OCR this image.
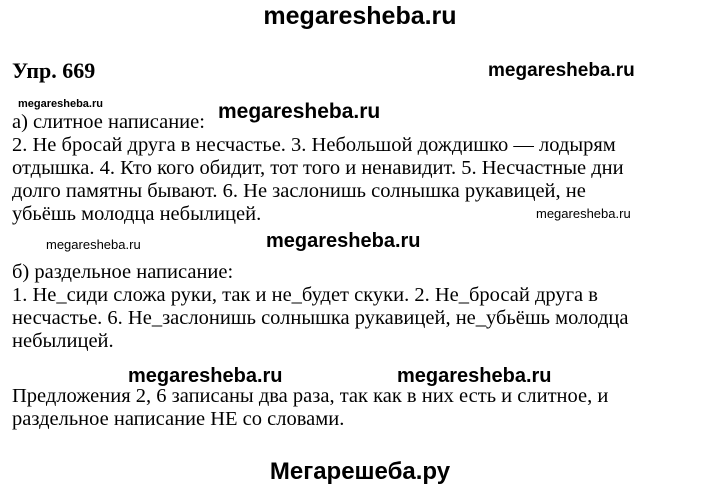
megaresheba.ru
Упр. 669	megaresheba.ru
megaresheba.ru
а) слитное написание:
2. Не бросай друга в несчастье. 3. Небольшой дождишко — лодырям
отдышка. 4. Кто кого обидит, тот того и ненавидит. 5. Несчастные дни
долго памятны бывают. 6. Не заслонишь солнышка рукавицей, не
убьёшь молодца небылицей.
megaresheba.ru
megaresheba.ru
megaresheba.ru	megaresheba.ru
б) раздельное написание:
1. Не_сиди сложа руки, так и не_будет скуки. 2. Не_бросай друга в
несчастье. 6. Не_заслонишь солнышка рукавицей, не_убьёшь молодца
небылицей.
megaresheba.ru	megaresheba.ru
Предложения 2, 6 записаны два раза, так как в них есть и слитное, и
раздельное написание НЕ со словами.
Мегарешеба.ру
